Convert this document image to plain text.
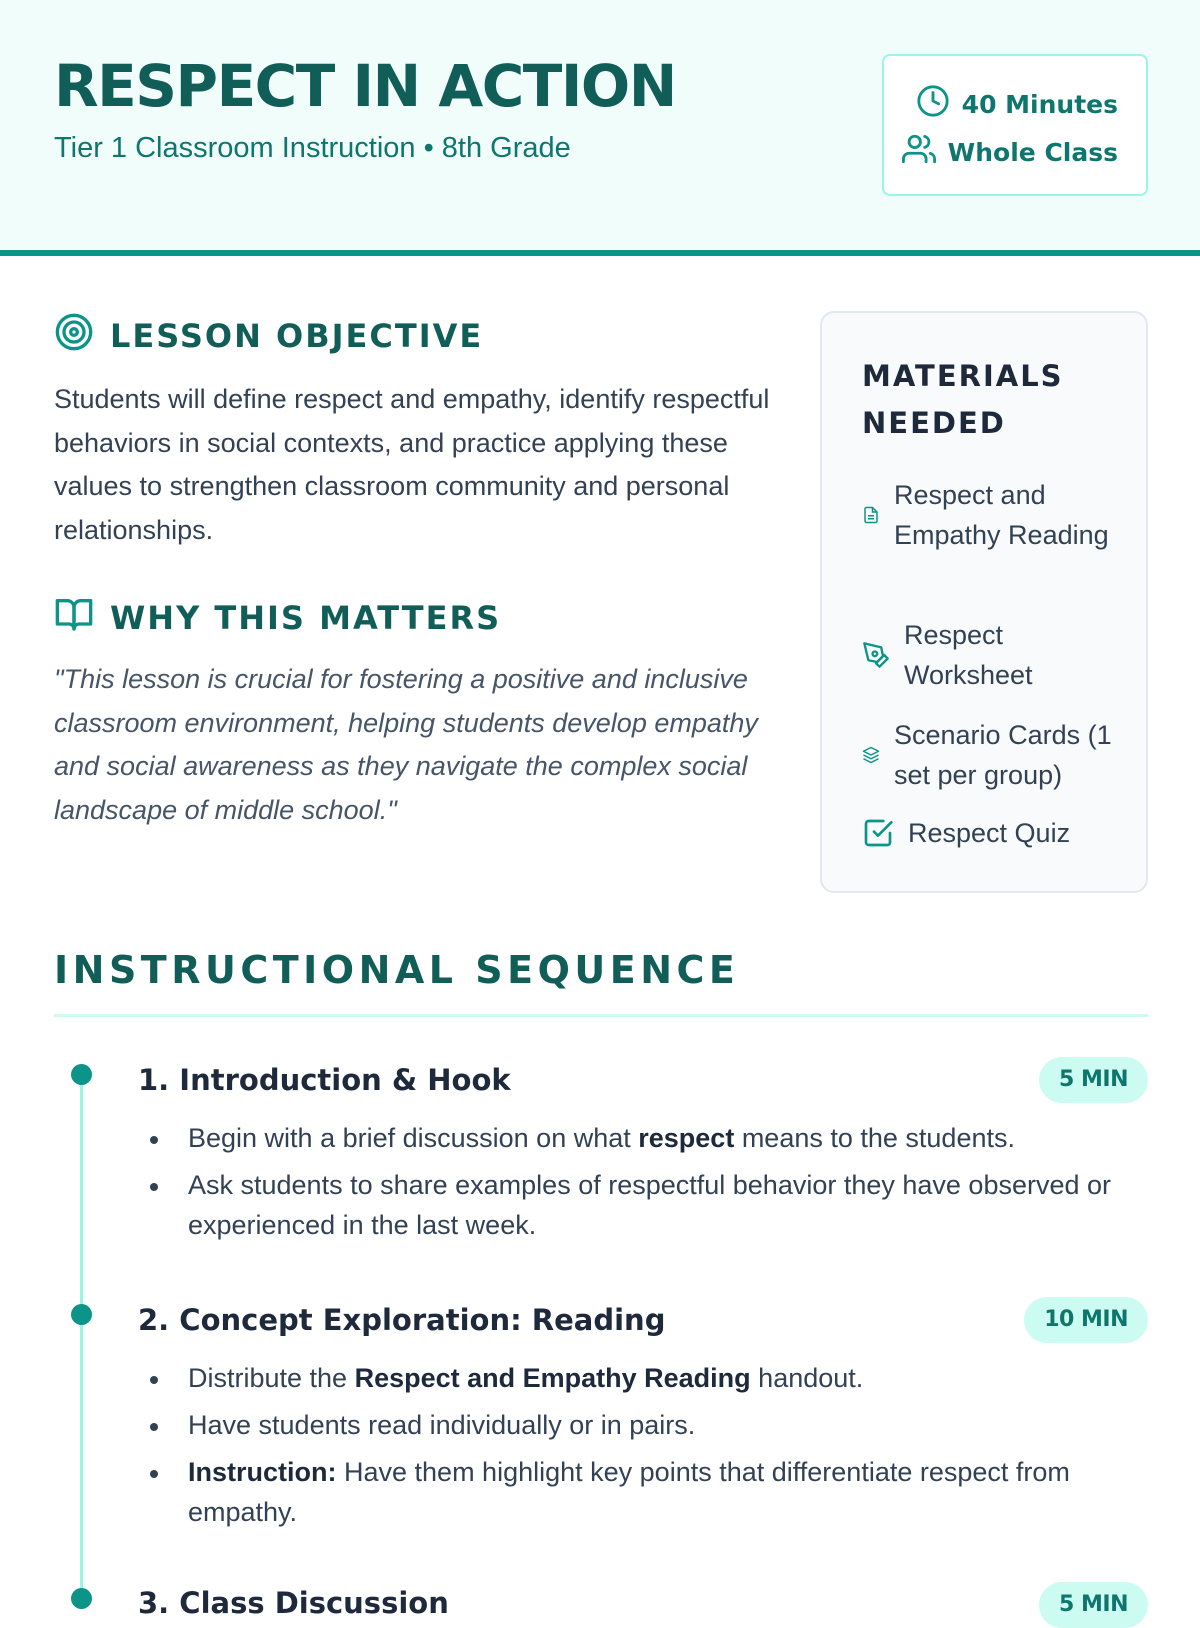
RESPECT IN ACTION
Tier 1 Classroom Instruction • 8th Grade
40 Minutes
Whole Class
LESSON OBJECTIVE

Students will define respect and empathy, identify respectful behaviors in social contexts, and practice applying these values to strengthen classroom community and personal relationships.

WHY THIS MATTERS

"This lesson is crucial for fostering a positive and inclusive classroom environment, helping students develop empathy and social awareness as they navigate the complex social landscape of middle school."

MATERIALS NEEDED
Respect and Empathy Reading
Respect Worksheet
Scenario Cards (1 set per group)
Respect Quiz
INSTRUCTIONAL SEQUENCE
1. Introduction & Hook	5 MIN
Begin with a brief discussion on what respect means to the students.
Ask students to share examples of respectful behavior they have observed or experienced in the last week.
2. Concept Exploration: Reading	10 MIN
Distribute the Respect and Empathy Reading handout.
Have students read individually or in pairs.
Instruction: Have them highlight key points that differentiate respect from empathy.
3. Class Discussion	5 MIN
